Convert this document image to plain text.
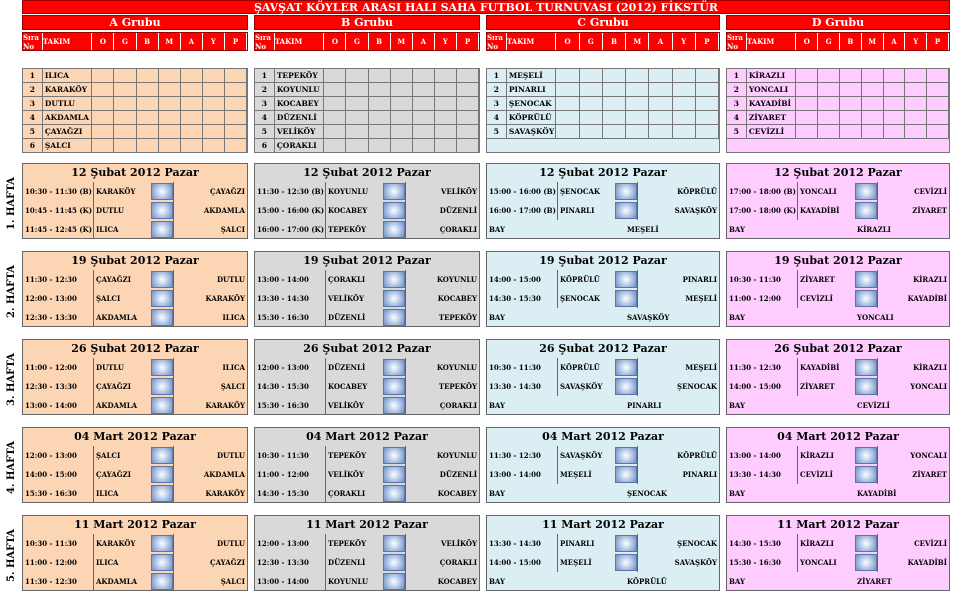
ŞAVŞAT KÖYLER ARASI HALI SAHA FUTBOL TURNUVASI (2012) FİKSTÜR
A Grubu
Sıra No	TAKIM	O	G	B	M	A	Y	P
1	ILICA
2	KARAKÖY
3	DUTLU
4	AKDAMLA
5	ÇAYAĞZI
6	ŞALCI
B Grubu
Sıra No	TAKIM	O	G	B	M	A	Y	P
1	TEPEKÖY
2	KOYUNLU
3	KOCABEY
4	DÜZENLİ
5	VELİKÖY
6	ÇORAKLI
C Grubu
Sıra No	TAKIM	O	G	B	M	A	Y	P
1	MEŞELİ
2	PINARLI
3	ŞENOCAK
4	KÖPRÜLÜ
5	SAVAŞKÖY
D Grubu
Sıra No	TAKIM	O	G	B	M	A	Y	P
1	KİRAZLI
2	YONCALI
3	KAYADİBİ
4	ZİYARET
5	CEVİZLİ
1. HAFTA
12 Şubat 2012 Pazar
10:30 - 11:30 (B) KARAKÖY	ÇAYAĞZI
10:45 - 11:45 (K) DUTLU	AKDAMLA
11:45 - 12:45 (K) ILICA	ŞALCI
12 Şubat 2012 Pazar
11:30 - 12:30 (B) KOYUNLU	VELİKÖY
15:00 - 16:00 (K) KOCABEY	DÜZENLİ
16:00 - 17:00 (K) TEPEKÖY	ÇORAKLI
12 Şubat 2012 Pazar
15:00 - 16:00 (B) ŞENOCAK	KÖPRÜLÜ
16:00 - 17:00 (B) PINARLI	SAVAŞKÖY
BAY	MEŞELİ
12 Şubat 2012 Pazar
17:00 - 18:00 (B) YONCALI	CEVİZLİ
17:00 - 18:00 (K) KAYADİBİ	ZİYARET
BAY	KİRAZLI
2. HAFTA
19 Şubat 2012 Pazar
11:30 - 12:30	ÇAYAĞZI	DUTLU
12:00 - 13:00	ŞALCI	KARAKÖY
12:30 - 13:30	AKDAMLA	ILICA
19 Şubat 2012 Pazar
13:00 - 14:00	ÇORAKLI	KOYUNLU
13:30 - 14:30	VELİKÖY	KOCABEY
15:30 - 16:30	DÜZENLİ	TEPEKÖY
19 Şubat 2012 Pazar
14:00 - 15:00	KÖPRÜLÜ	PINARLI
14:30 - 15:30	ŞENOCAK	MEŞELİ
BAY	SAVAŞKÖY
19 Şubat 2012 Pazar
10:30 - 11:30	ZİYARET	KİRAZLI
11:00 - 12:00	CEVİZLİ	KAYADİBİ
BAY	YONCALI
3. HAFTA
26 Şubat 2012 Pazar
11:00 - 12:00	DUTLU	ILICA
12:30 - 13:30	ÇAYAĞZI	ŞALCI
13:00 - 14:00	AKDAMLA	KARAKÖY
26 Şubat 2012 Pazar
12:00 - 13:00	DÜZENLİ	KOYUNLU
14:30 - 15:30	KOCABEY	TEPEKÖY
15:30 - 16:30	VELİKÖY	ÇORAKLI
26 Şubat 2012 Pazar
10:30 - 11:30	KÖPRÜLÜ	MEŞELİ
13:30 - 14:30	SAVAŞKÖY	ŞENOCAK
BAY	PINARLI
26 Şubat 2012 Pazar
11:30 - 12:30	KAYADİBİ	KİRAZLI
14:00 - 15:00	ZİYARET	YONCALI
BAY	CEVİZLİ
4. HAFTA
04 Mart 2012 Pazar
12:00 - 13:00	ŞALCI	DUTLU
14:00 - 15:00	ÇAYAĞZI	AKDAMLA
15:30 - 16:30	ILICA	KARAKÖY
04 Mart 2012 Pazar
10:30 - 11:30	TEPEKÖY	KOYUNLU
11:00 - 12:00	VELİKÖY	DÜZENLİ
14:30 - 15:30	ÇORAKLI	KOCABEY
04 Mart 2012 Pazar
11:30 - 12:30	SAVAŞKÖY	KÖPRÜLÜ
13:00 - 14:00	MEŞELİ	PINARLI
BAY	ŞENOCAK
04 Mart 2012 Pazar
13:00 - 14:00	KİRAZLI	YONCALI
13:30 - 14:30	CEVİZLİ	ZİYARET
BAY	KAYADİBİ
5. HAFTA
11 Mart 2012 Pazar
10:30 - 11:30	KARAKÖY	DUTLU
11:00 - 12:00	ILICA	ÇAYAĞZI
11:30 - 12:30	AKDAMLA	ŞALCI
11 Mart 2012 Pazar
12:00 - 13:00	TEPEKÖY	VELİKÖY
12:30 - 13:30	DÜZENLİ	ÇORAKLI
13:00 - 14:00	KOYUNLU	KOCABEY
11 Mart 2012 Pazar
13:30 - 14:30	PINARLI	ŞENOCAK
14:00 - 15:00	MEŞELİ	SAVAŞKÖY
BAY	KÖPRÜLÜ
11 Mart 2012 Pazar
14:30 - 15:30	KİRAZLI	CEVİZLİ
15:30 - 16:30	YONCALI	KAYADİBİ
BAY	ZİYARET
